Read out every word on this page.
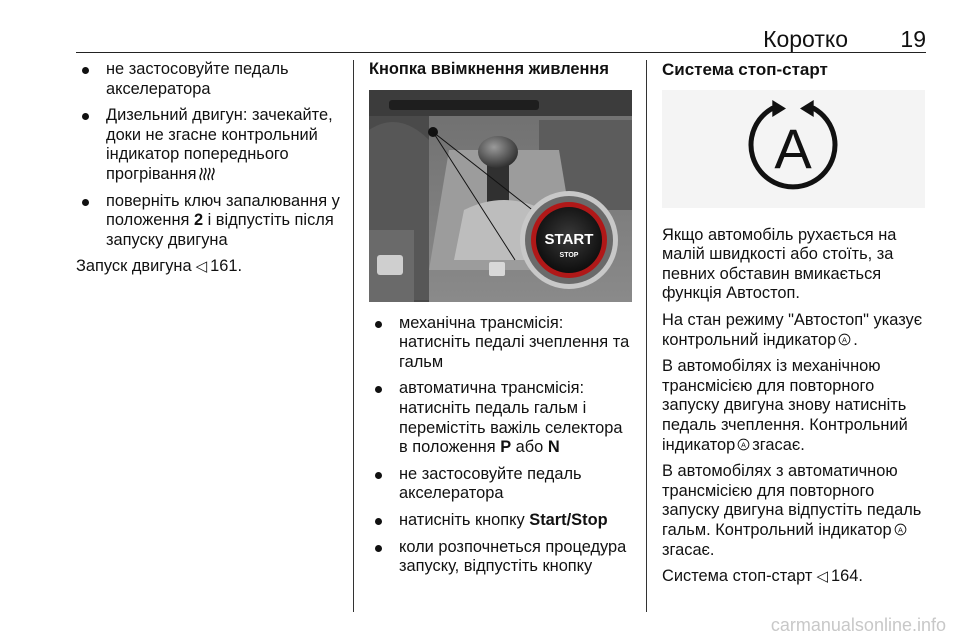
Коротко 19
не застосовуйте педаль акселератора
Дизельний двигун: зачекайте, доки не згасне контрольний індикатор попереднього прогрівання
поверніть ключ запалювання у положення 2 і відпустіть після запуску двигуна

Запуск двигуна ◁ 161.

Кнопка ввімкнення живлення
START
STOP
механічна трансмісія: натисніть педалі зчеплення та гальм
автоматична трансмісія: натисніть педаль гальм і перемістіть важіль селектора в положення P або N
не застосовуйте педаль акселератора
натисніть кнопку Start/Stop
коли розпочнеться процедура запуску, відпустіть кнопку
Система стоп-старт
A

Якщо автомобіль рухається на малій швидкості або стоїть, за певних обставин вмикається функція Автостоп.

На стан режиму "Автостоп" указує контрольний індикатор A .

В автомобілях із механічною трансмісією для повторного запуску двигуна знову натисніть педаль зчеплення. Контрольний індикатор A згасає.

В автомобілях з автоматичною трансмісією для повторного запуску двигуна відпустіть педаль гальм. Контрольний індикатор A

згасає.

Система стоп-старт ◁ 164.

carmanualsonline.info
